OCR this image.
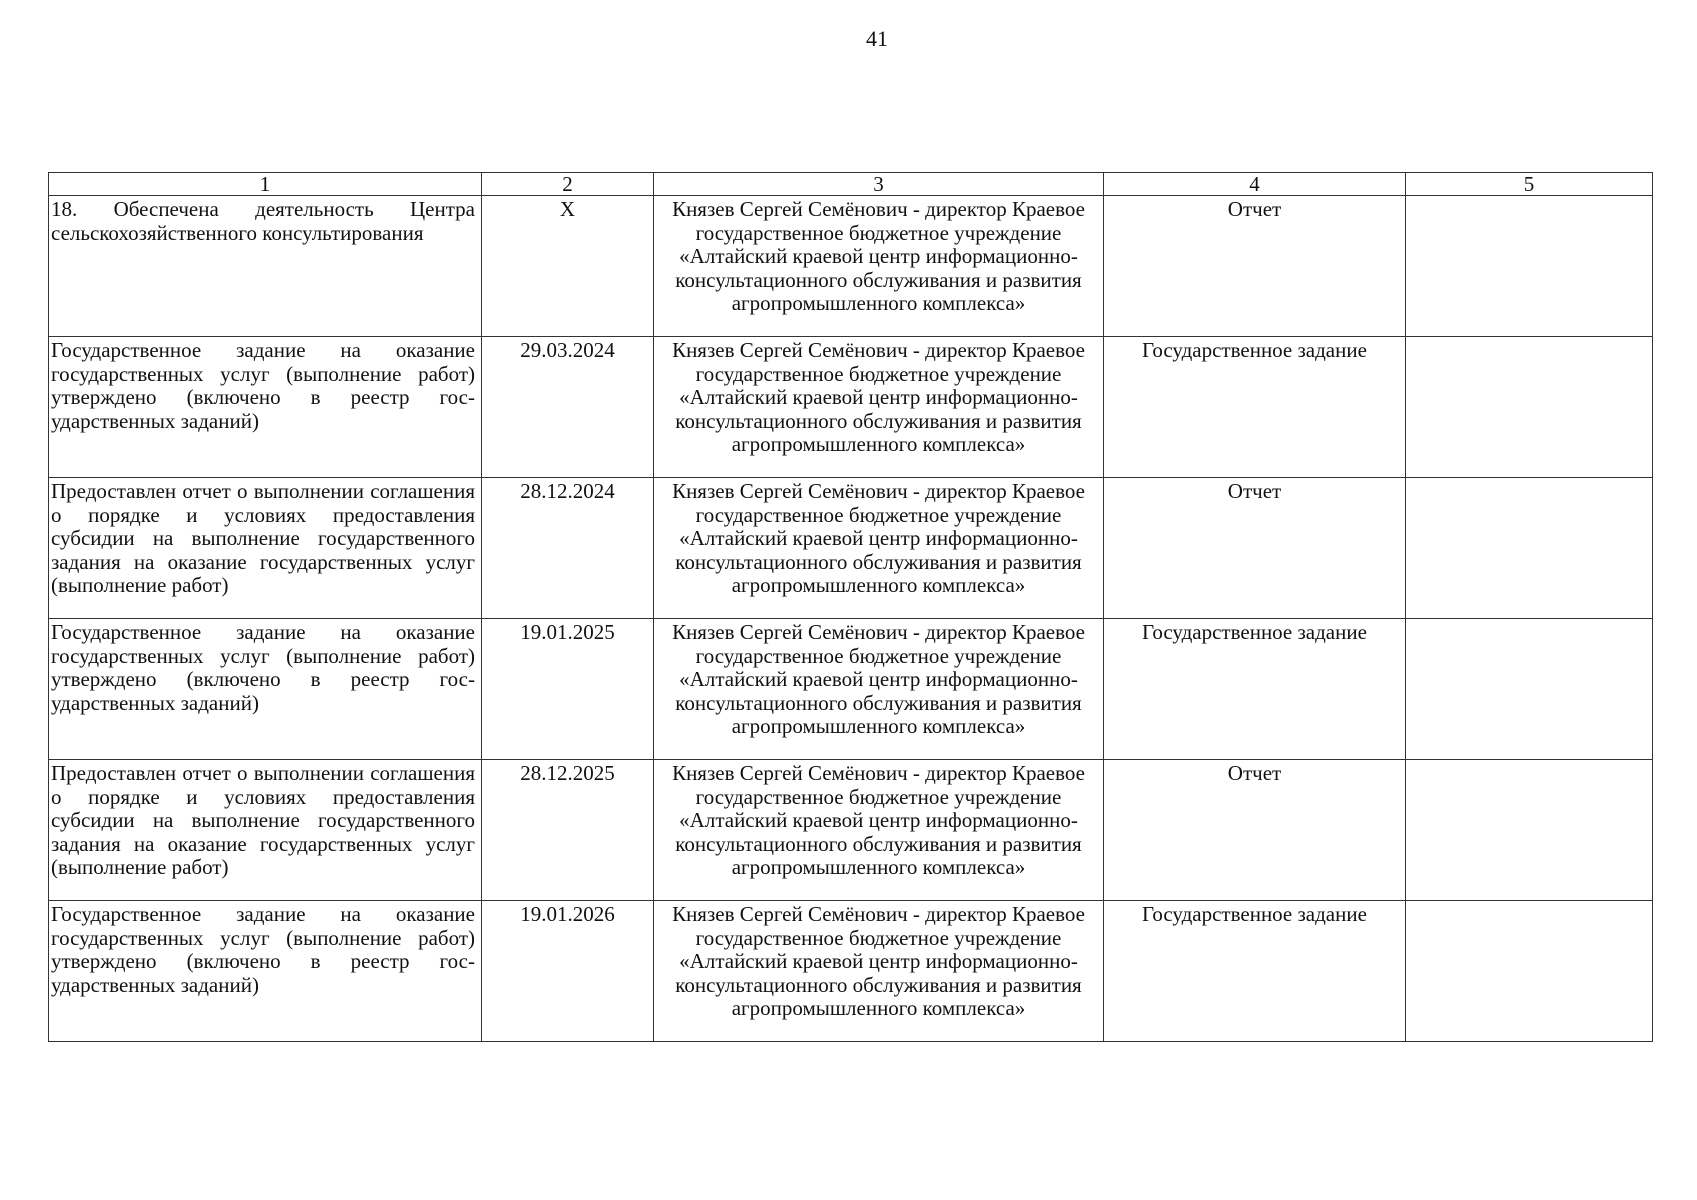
41
1	2	3	4	5
18. Обеспечена деятельность Центра сельскохозяйственного консультирования	X	Князев Сергей Семёнович - директор Краевое государственное бюджетное учреждение «Алтайский краевой центр информационно-консультационного обслуживания и развития агропромышленного комплекса»	Отчет	
Государственное задание на оказание государственных услуг (выполнение работ) утверждено (включено в реестр государственных заданий)	29.03.2024	Князев Сергей Семёнович - директор Краевое государственное бюджетное учреждение «Алтайский краевой центр информационно-консультационного обслуживания и развития агропромышленного комплекса»	Государственное задание	
Предоставлен отчет о выполнении соглашения о порядке и условиях предоставления субсидии на выполнение государственного задания на оказание государственных услуг (выполнение работ)	28.12.2024	Князев Сергей Семёнович - директор Краевое государственное бюджетное учреждение «Алтайский краевой центр информационно-консультационного обслуживания и развития агропромышленного комплекса»	Отчет	
Государственное задание на оказание государственных услуг (выполнение работ) утверждено (включено в реестр государственных заданий)	19.01.2025	Князев Сергей Семёнович - директор Краевое государственное бюджетное учреждение «Алтайский краевой центр информационно-консультационного обслуживания и развития агропромышленного комплекса»	Государственное задание	
Предоставлен отчет о выполнении соглашения о порядке и условиях предоставления субсидии на выполнение государственного задания на оказание государственных услуг (выполнение работ)	28.12.2025	Князев Сергей Семёнович - директор Краевое государственное бюджетное учреждение «Алтайский краевой центр информационно-консультационного обслуживания и развития агропромышленного комплекса»	Отчет	
Государственное задание на оказание государственных услуг (выполнение работ) утверждено (включено в реестр государственных заданий)	19.01.2026	Князев Сергей Семёнович - директор Краевое государственное бюджетное учреждение «Алтайский краевой центр информационно-консультационного обслуживания и развития агропромышленного комплекса»	Государственное задание	
